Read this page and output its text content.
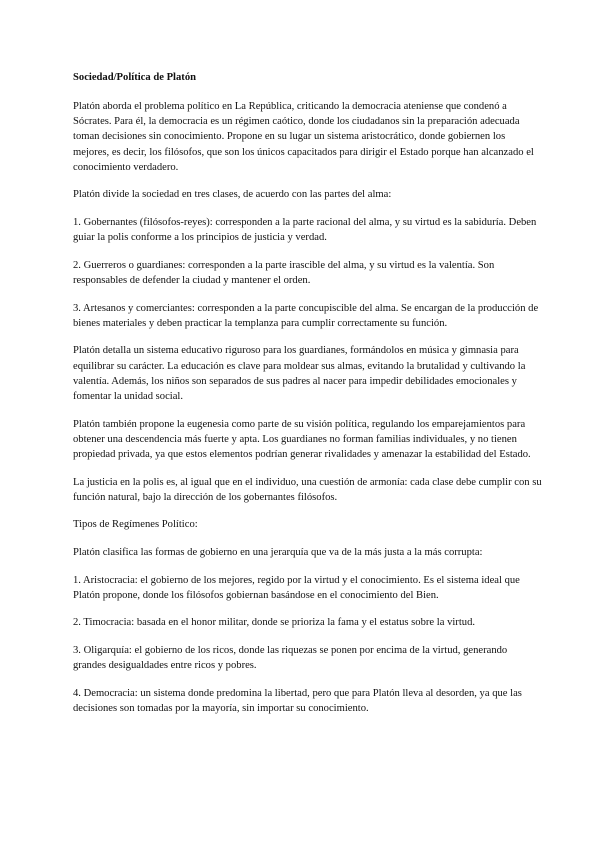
Sociedad/Política de Platón

Platón aborda el problema político en La República, criticando la democracia ateniense que condenó a Sócrates. Para él, la democracia es un régimen caótico, donde los ciudadanos sin la preparación adecuada toman decisiones sin conocimiento. Propone en su lugar un sistema aristocrático, donde gobiernen los mejores, es decir, los filósofos, que son los únicos capacitados para dirigir el Estado porque han alcanzado el conocimiento verdadero.

Platón divide la sociedad en tres clases, de acuerdo con las partes del alma:

1. Gobernantes (filósofos-reyes): corresponden a la parte racional del alma, y su virtud es la sabiduría. Deben guiar la polis conforme a los principios de justicia y verdad.

2. Guerreros o guardianes: corresponden a la parte irascible del alma, y su virtud es la valentía. Son responsables de defender la ciudad y mantener el orden.

3. Artesanos y comerciantes: corresponden a la parte concupiscible del alma. Se encargan de la producción de bienes materiales y deben practicar la templanza para cumplir correctamente su función.

Platón detalla un sistema educativo riguroso para los guardianes, formándolos en música y gimnasia para equilibrar su carácter. La educación es clave para moldear sus almas, evitando la brutalidad y cultivando la valentía. Además, los niños son separados de sus padres al nacer para impedir debilidades emocionales y fomentar la unidad social.

Platón también propone la eugenesia como parte de su visión política, regulando los emparejamientos para obtener una descendencia más fuerte y apta. Los guardianes no forman familias individuales, y no tienen propiedad privada, ya que estos elementos podrían generar rivalidades y amenazar la estabilidad del Estado.

La justicia en la polis es, al igual que en el individuo, una cuestión de armonía: cada clase debe cumplir con su función natural, bajo la dirección de los gobernantes filósofos.

Tipos de Regímenes Político:

Platón clasifica las formas de gobierno en una jerarquía que va de la más justa a la más corrupta:

1. Aristocracia: el gobierno de los mejores, regido por la virtud y el conocimiento. Es el sistema ideal que Platón propone, donde los filósofos gobiernan basándose en el conocimiento del Bien.

2. Timocracia: basada en el honor militar, donde se prioriza la fama y el estatus sobre la virtud.

3. Oligarquía: el gobierno de los ricos, donde las riquezas se ponen por encima de la virtud, generando grandes desigualdades entre ricos y pobres.

4. Democracia: un sistema donde predomina la libertad, pero que para Platón lleva al desorden, ya que las decisiones son tomadas por la mayoría, sin importar su conocimiento.
